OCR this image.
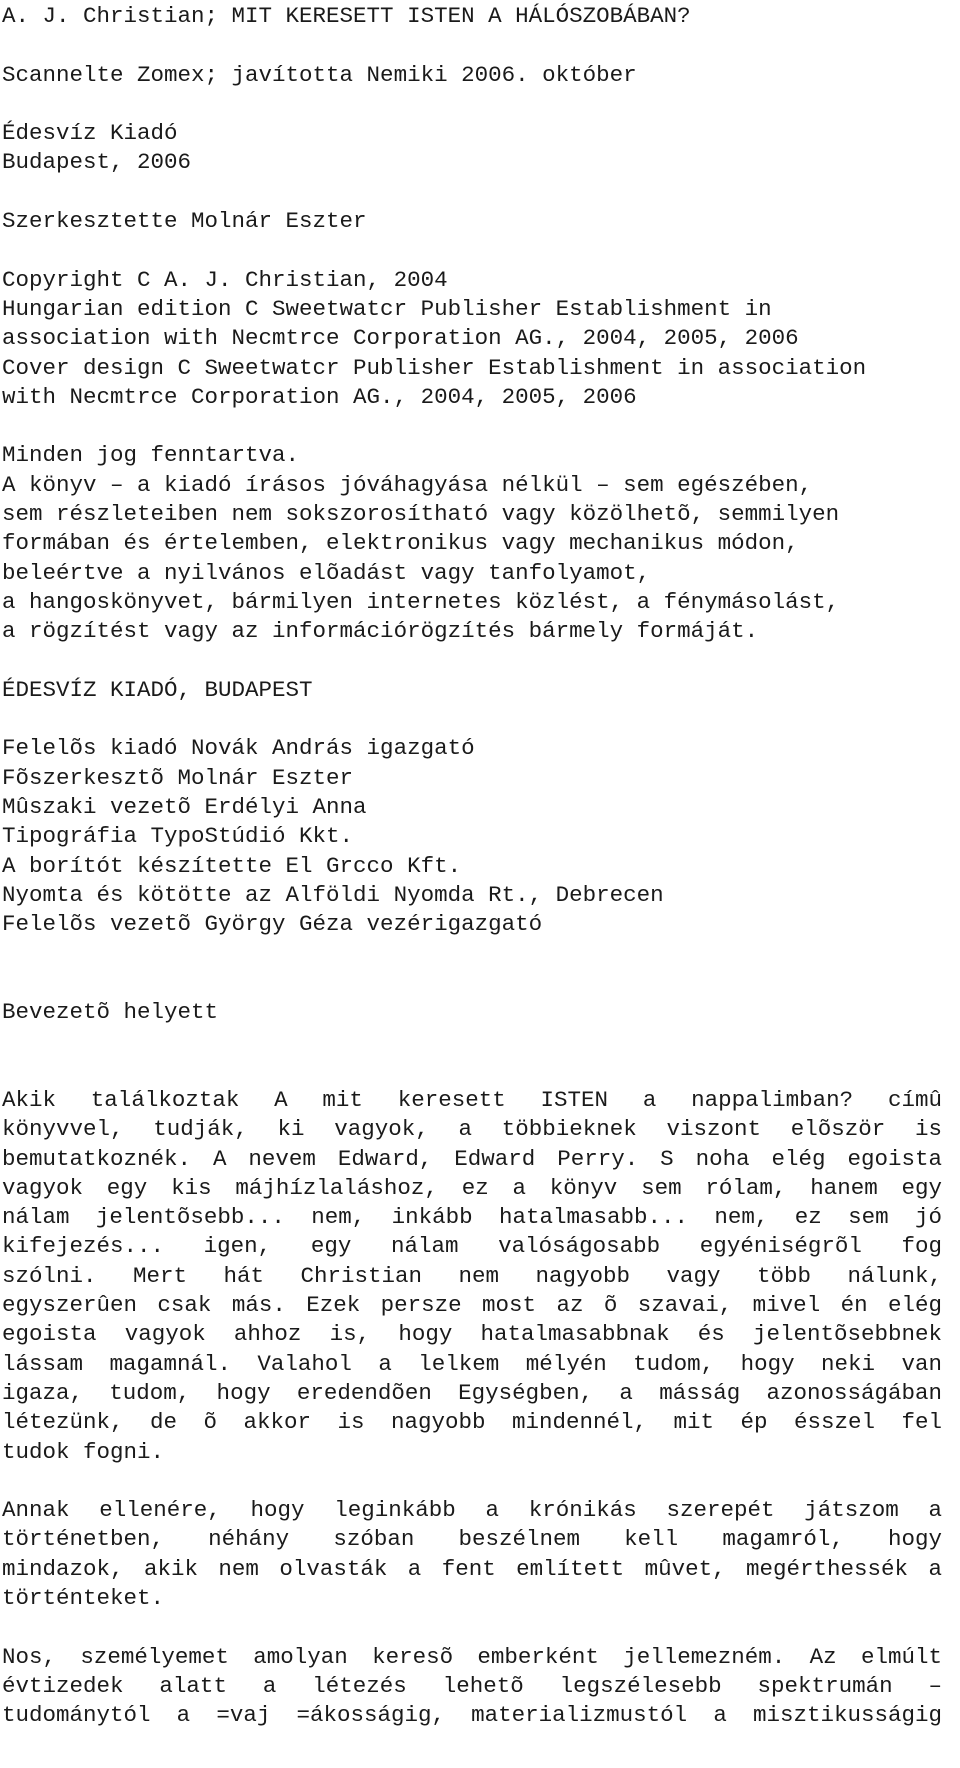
A. J. Christian; MIT KERESETT ISTEN A HÁLÓSZOBÁBAN?
Scannelte Zomex; javította Nemiki 2006. október
Édesvíz Kiadó
Budapest, 2006
Szerkesztette Molnár Eszter
Copyright C A. J. Christian, 2004
Hungarian edition C Sweetwatcr Publisher Establishment in
association with Necmtrce Corporation AG., 2004, 2005, 2006
Cover design C Sweetwatcr Publisher Establishment in association
with Necmtrce Corporation AG., 2004, 2005, 2006
Minden jog fenntartva.
A könyv – a kiadó írásos jóváhagyása nélkül – sem egészében,
sem részleteiben nem sokszorosítható vagy közölhetõ, semmilyen
formában és értelemben, elektronikus vagy mechanikus módon,
beleértve a nyilvános elõadást vagy tanfolyamot,
a hangoskönyvet, bármilyen internetes közlést, a fénymásolást,
a rögzítést vagy az információrögzítés bármely formáját.
ÉDESVÍZ KIADÓ, BUDAPEST
Felelõs kiadó Novák András igazgató
Fõszerkesztõ Molnár Eszter
Mûszaki vezetõ Erdélyi Anna
Tipográfia TypoStúdió Kkt.
A borítót készítette El Grcco Kft.
Nyomta és kötötte az Alföldi Nyomda Rt., Debrecen
Felelõs vezetõ György Géza vezérigazgató
Bevezetõ helyett
Akik találkoztak A mit keresett ISTEN a nappalimban? címû
könyvvel, tudják, ki vagyok, a többieknek viszont elõször is
bemutatkoznék. A nevem Edward, Edward Perry. S noha elég egoista
vagyok egy kis májhízlaláshoz, ez a könyv sem rólam, hanem egy
nálam jelentõsebb... nem, inkább hatalmasabb... nem, ez sem jó
kifejezés... igen, egy nálam valóságosabb egyéniségrõl fog
szólni. Mert hát Christian nem nagyobb vagy több nálunk,
egyszerûen csak más. Ezek persze most az õ szavai, mivel én elég
egoista vagyok ahhoz is, hogy hatalmasabbnak és jelentõsebbnek
lássam magamnál. Valahol a lelkem mélyén tudom, hogy neki van
igaza, tudom, hogy eredendõen Egységben, a másság azonosságában
létezünk, de õ akkor is nagyobb mindennél, mit ép ésszel fel
tudok fogni.
Annak ellenére, hogy leginkább a krónikás szerepét játszom a
történetben, néhány szóban beszélnem kell magamról, hogy
mindazok, akik nem olvasták a fent említett mûvet, megérthessék a
történteket.
Nos, személyemet amolyan keresõ emberként jellemezném. Az elmúlt
évtizedek alatt a létezés lehetõ legszélesebb spektrumán –
tudománytól a =vaj =ákosságig, materializmustól a misztikusságig
